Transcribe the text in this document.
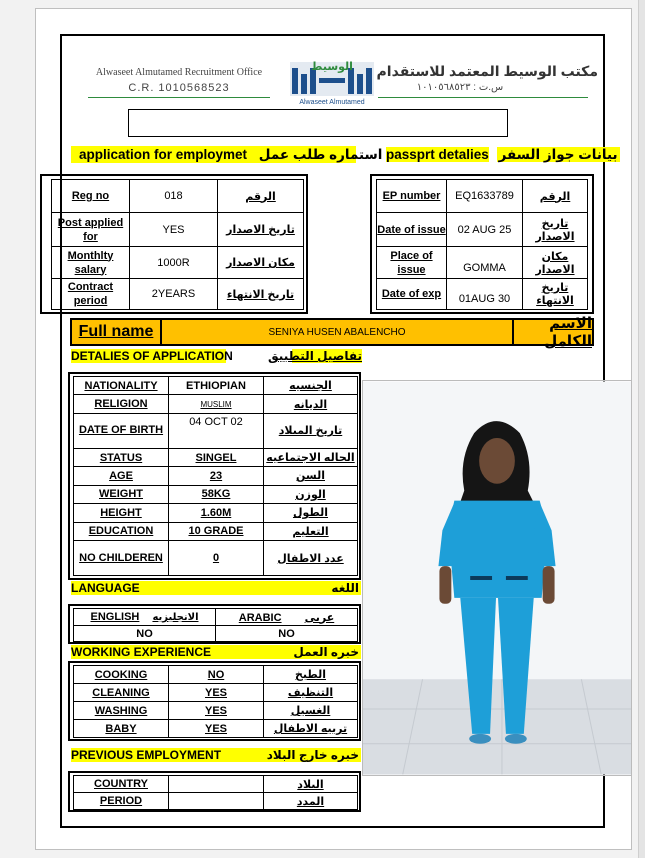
Alwaseet Almutamed Recruitment Office
C.R. 1010568523
مكتب الوسيط المعتمد للاستقدام
س.ت : ١٠١٠٥٦٨٥٢٣
الوسيط
Alwaseet Almutamed
application for employmet استماره طلب عمل passprt detalies بيانات جواز السفر
Reg no	018	الرقم
Post applied for	YES	تاريخ الاصدار
Monthlty salary	1000R	مكان الاصدار
Contract period	2YEARS	تاريخ الانتهاء
EP number	EQ1633789	الرقم
Date of issue	02 AUG 25	تاريخ الاصدار
Place of issue	GOMMA	مكان الاصدار
Date of exp	01AUG 30	تاريخ الانتهاء
Full name	SENIYA HUSEN ABALENCHO	الاسم الكامل
DETALIES OF APPLICATION	تفاصيل التطبيق
NATIONALITY	ETHIOPIAN	الجنسيه
RELIGION	MUSLIM	الديانه
DATE OF BIRTH	04 OCT 02	تاريخ الميلاد
STATUS	SINGEL	الحاله الاجتماعيه
AGE	23	السن
WEIGHT	58KG	الوزن
HEIGHT	1.60M	الطول
EDUCATION	10 GRADE	التعليم
NO CHILDEREN	0	عدد الاطفال
LANGUAGE	اللغه
ENGLISH الانجليزيه	ARABIC عربى
NO	NO
WORKING EXPERIENCE	خبره العمل
COOKING	NO	الطبخ
CLEANING	YES	التنظيف
WASHING	YES	الغسيل
BABY	YES	تربيه الاطفال
PREVIOUS EMPLOYMENT	خبره خارج البلاد
COUNTRY		البلاد
PERIOD		المدد
